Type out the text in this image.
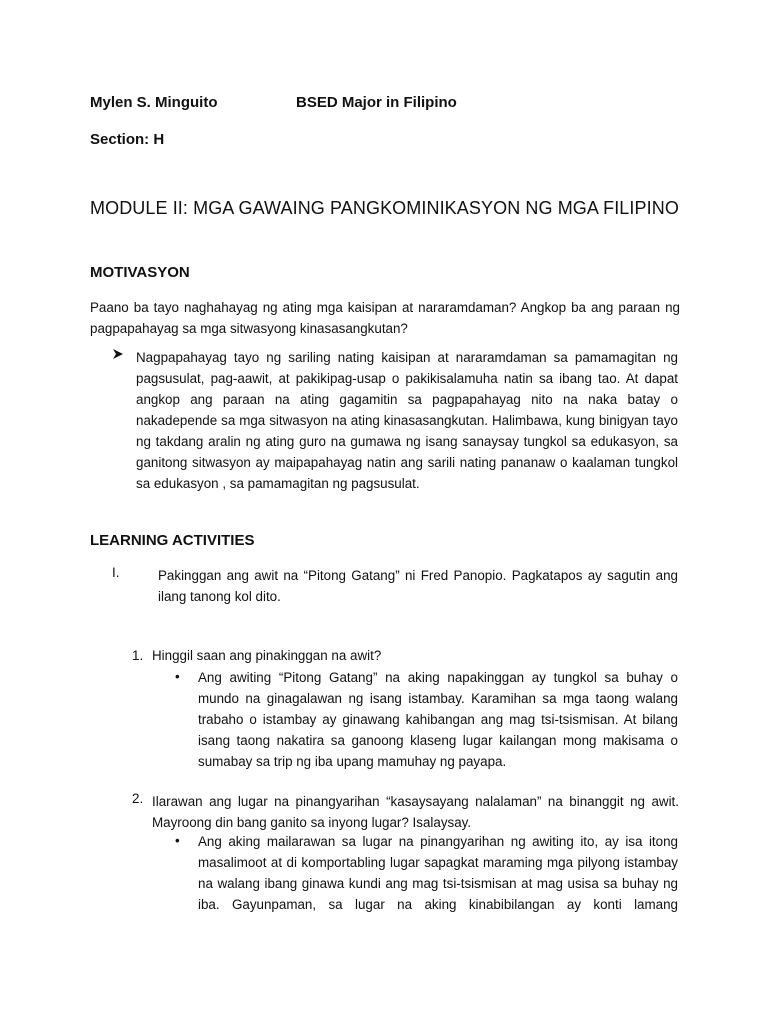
Mylen S. Minguito	BSED Major in Filipino
Section: H
MODULE II: MGA GAWAING PANGKOMINIKASYON NG MGA FILIPINO
MOTIVASYON
Paano ba tayo naghahayag ng ating mga kaisipan at nararamdaman? Angkop ba ang paraan ng pagpapahayag sa mga sitwasyong kinasasangkutan?
Nagpapahayag tayo ng sariling nating kaisipan at nararamdaman sa pamamagitan ng pagsusulat, pag-aawit, at pakikipag-usap o pakikisalamuha natin sa ibang tao. At dapat angkop ang paraan na ating gagamitin sa pagpapahayag nito na naka batay o nakadepende sa mga sitwasyon na ating kinasasangkutan. Halimbawa, kung binigyan tayo ng takdang aralin ng ating guro na gumawa ng isang sanaysay tungkol sa edukasyon, sa ganitong sitwasyon ay maipapahayag natin ang sarili nating pananaw o kaalaman tungkol sa edukasyon , sa pamamagitan ng pagsusulat.
LEARNING ACTIVITIES
I.	Pakinggan ang awit na “Pitong Gatang” ni Fred Panopio. Pagkatapos ay sagutin ang ilang tanong kol dito.
1. Hinggil saan ang pinakinggan na awit?
• Ang awiting “Pitong Gatang” na aking napakinggan ay tungkol sa buhay o mundo na ginagalawan ng isang istambay. Karamihan sa mga taong walang trabaho o istambay ay ginawang kahibangan ang mag tsi-tsismisan. At bilang isang taong nakatira sa ganoong klaseng lugar kailangan mong makisama o sumabay sa trip ng iba upang mamuhay ng payapa.
2. Ilarawan ang lugar na pinangyarihan “kasaysayang nalalaman” na binanggit ng awit. Mayroong din bang ganito sa inyong lugar? Isalaysay.
• Ang aking mailarawan sa lugar na pinangyarihan ng awiting ito, ay isa itong masalimoot at di komportabling lugar sapagkat maraming mga pilyong istambay na walang ibang ginawa kundi ang mag tsi-tsismisan at mag usisa sa buhay ng iba. Gayunpaman, sa lugar na aking kinabibilangan ay konti lamang
